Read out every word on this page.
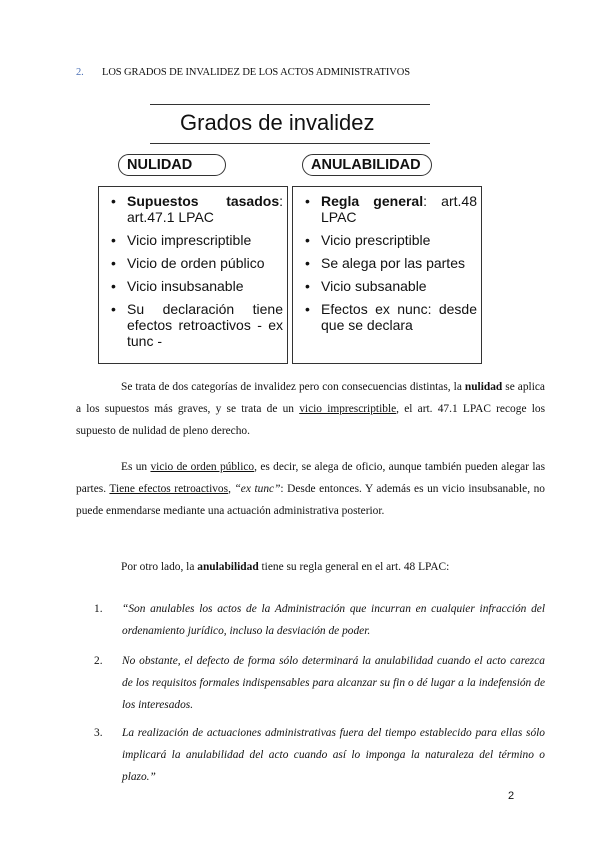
2. LOS GRADOS DE INVALIDEZ DE LOS ACTOS ADMINISTRATIVOS
Grados de invalidez
NULIDAD	ANULABILIDAD
• Supuestos tasados: art.47.1 LPAC
• Vicio imprescriptible
• Vicio de orden público
• Vicio insubsanable
• Su declaración tiene efectos retroactivos - ex tunc -
• Regla general: art.48 LPAC
• Vicio prescriptible
• Se alega por las partes
• Vicio subsanable
• Efectos ex nunc: desde que se declara
Se trata de dos categorías de invalidez pero con consecuencias distintas, la nulidad se aplica a los supuestos más graves, y se trata de un vicio imprescriptible, el art. 47.1 LPAC recoge los supuesto de nulidad de pleno derecho.
Es un vicio de orden público, es decir, se alega de oficio, aunque también pueden alegar las partes. Tiene efectos retroactivos, “ex tunc”: Desde entonces. Y además es un vicio insubsanable, no puede enmendarse mediante una actuación administrativa posterior.
Por otro lado, la anulabilidad tiene su regla general en el art. 48 LPAC:
1. “Son anulables los actos de la Administración que incurran en cualquier infracción del ordenamiento jurídico, incluso la desviación de poder.
2. No obstante, el defecto de forma sólo determinará la anulabilidad cuando el acto carezca de los requisitos formales indispensables para alcanzar su fin o dé lugar a la indefensión de los interesados.
3. La realización de actuaciones administrativas fuera del tiempo establecido para ellas sólo implicará la anulabilidad del acto cuando así lo imponga la naturaleza del término o plazo.”
2
